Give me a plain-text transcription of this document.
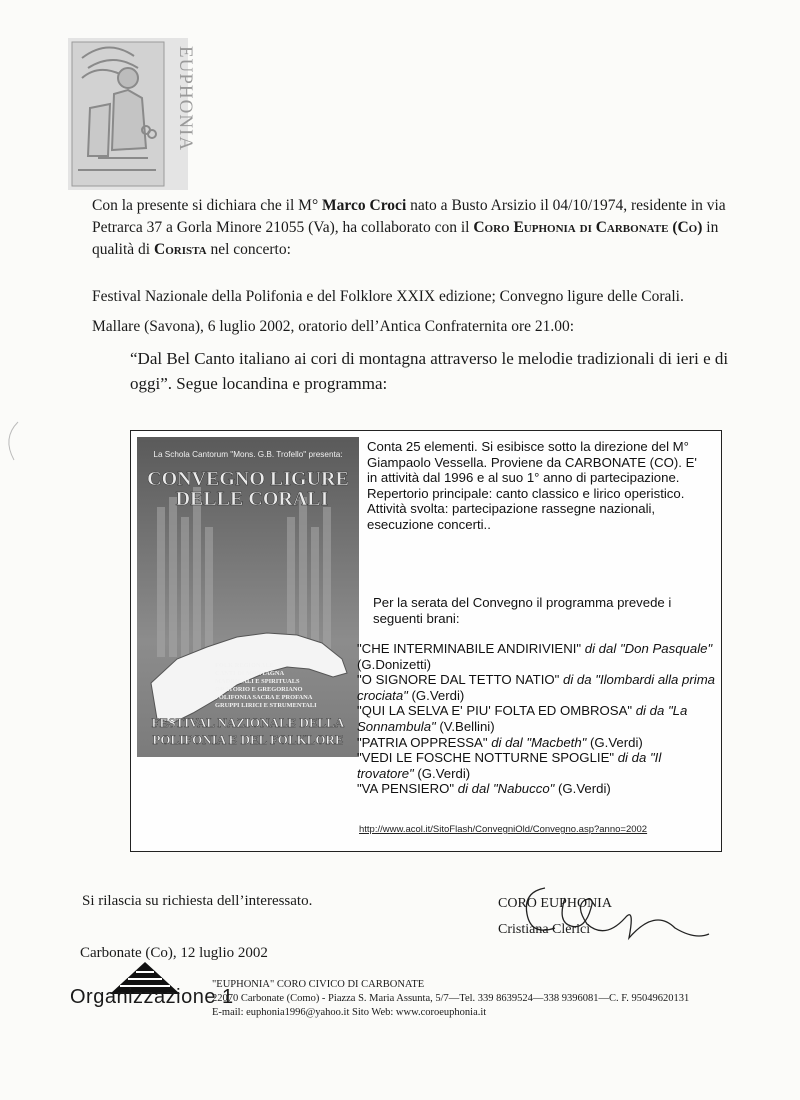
EUPHONIA
Con la presente si dichiara che il M° Marco Croci nato a Busto Arsizio il 04/10/1974, residente in via Petrarca 37 a Gorla Minore 21055 (Va), ha collaborato con il Coro Euphonia di Carbonate (Co) in qualità di Corista nel concerto:
Festival Nazionale della Polifonia e del Folklore XXIX edizione; Convegno ligure delle Corali.
Mallare (Savona), 6 luglio 2002, oratorio dell’Antica Confraternita ore 21.00:
“Dal Bel Canto italiano ai cori di montagna attraverso le melodie tradizionali di ieri e di oggi”. Segue locandina e programma:
La Schola Cantorum "Mons. G.B. Trofello" presenta:
CONVEGNO LIGURE
DELLE CORALI
FOLK REGIONALE
CANTI DI MONTAGNA
MADRIGALI E SPIRITUALS
ORATORIO E GREGORIANO
POLIFONIA SACRA E PROFANA
GRUPPI LIRICI E STRUMENTALI
FESTIVAL NAZIONALE DELLA
POLIFONIA E DEL FOLKLORE

Conta 25 elementi. Si esibisce sotto la direzione del M° Giampaolo Vessella. Proviene da CARBONATE (CO). E' in attività dal 1996 e al suo 1° anno di partecipazione.

Repertorio principale: canto classico e lirico operistico.

Attività svolta: partecipazione rassegne nazionali, esecuzione concerti..

Per la serata del Convegno il programma prevede i seguenti brani:
"CHE INTERMINABILE ANDIRIVIENI" di dal "Don Pasquale" (G.Donizetti)
"O SIGNORE DAL TETTO NATIO" di da "Ilombardi alla prima crociata" (G.Verdi)
"QUI LA SELVA E' PIU' FOLTA ED OMBROSA" di da "La Sonnambula" (V.Bellini)
"PATRIA OPPRESSA" di dal "Macbeth" (G.Verdi)
"VEDI LE FOSCHE NOTTURNE SPOGLIE" di da "Il trovatore" (G.Verdi)
"VA PENSIERO" di dal "Nabucco" (G.Verdi)
http://www.acol.it/SitoFlash/ConvegniOld/Convegno.asp?anno=2002
Si rilascia su richiesta dell’interessato.
Carbonate (Co), 12 luglio 2002
CORO EUPHONIA
Cristiana Clerici
Organizzazione 1
"EUPHONIA" CORO CIVICO DI CARBONATE
22070 Carbonate (Como) - Piazza S. Maria Assunta, 5/7—Tel. 339 8639524—338 9396081—C. F. 95049620131
E-mail: euphonia1996@yahoo.it Sito Web: www.coroeuphonia.it
